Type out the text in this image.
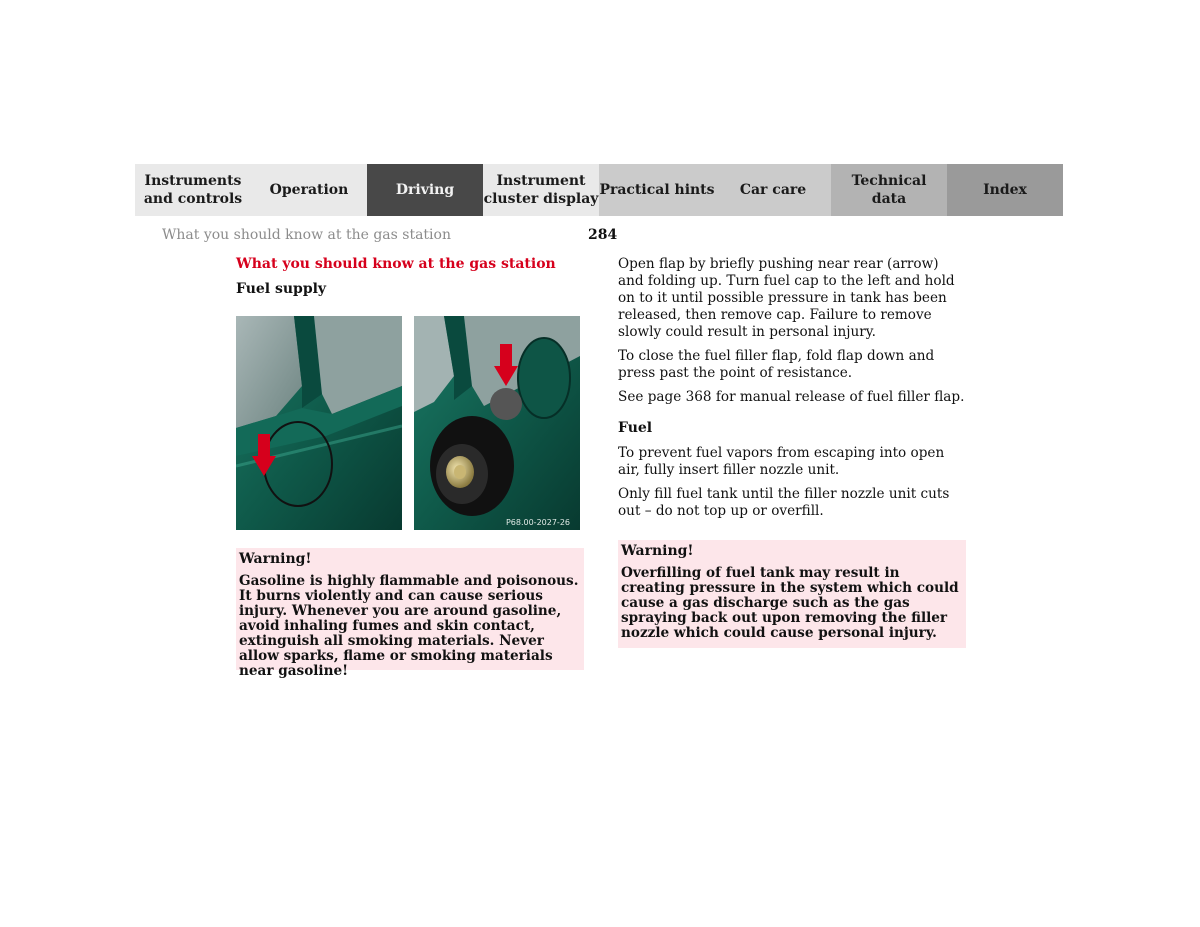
Instruments
and controls
Operation	Driving
Instrument
cluster display
Practical hints	Car care
Technical
data
Index
What you should know at the gas station	284
What you should know at the gas station
Fuel supply
P68.00-2027-26

Warning!

Gasoline is highly flammable and poisonous. It burns violently and can cause serious injury. Whenever you are around gasoline, avoid inhaling fumes and skin contact, extinguish all smoking materials. Never allow sparks, flame or smoking materials near gasoline!

Open flap by briefly pushing near rear (arrow) and folding up. Turn fuel cap to the left and hold on to it until possible pressure in tank has been released, then remove cap. Failure to remove slowly could result in personal injury.

To close the fuel filler flap, fold flap down and press past the point of resistance.

See page 368 for manual release of fuel filler flap.

Fuel

To prevent fuel vapors from escaping into open air, fully insert filler nozzle unit.

Only fill fuel tank until the filler nozzle unit cuts out – do not top up or overfill.

Warning!

Overfilling of fuel tank may result in creating pressure in the system which could cause a gas discharge such as the gas spraying back out upon removing the filler nozzle which could cause personal injury.
